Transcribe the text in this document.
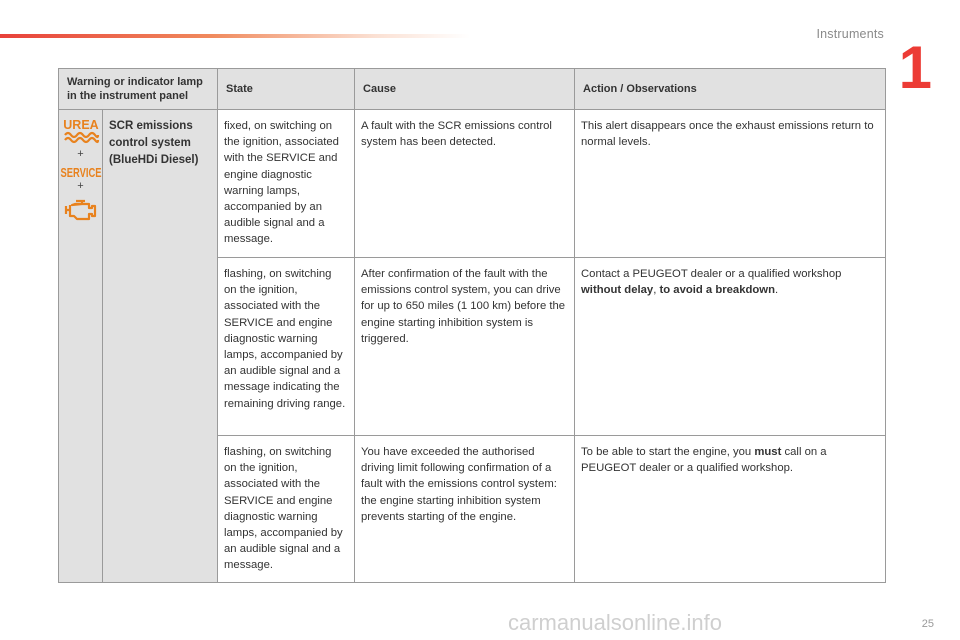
Instruments 1
Warning or indicator lamp in the instrument panel		State	Cause	Action / Observations

UREA
+
SERVICE
+	SCR emissions control system (BlueHDi Diesel)	fixed, on switching on the ignition, associated with the SERVICE and engine diagnostic warning lamps, accompanied by an audible signal and a message.	A fault with the SCR emissions control system has been detected.	This alert disappears once the exhaust emissions return to normal levels.
		flashing, on switching on the ignition, associated with the SERVICE and engine diagnostic warning lamps, accompanied by an audible signal and a message indicating the remaining driving range.	After confirmation of the fault with the emissions control system, you can drive for up to 650 miles (1 100 km) before the engine starting inhibition system is triggered.	Contact a PEUGEOT dealer or a qualified workshop without delay, to avoid a breakdown.
		flashing, on switching on the ignition, associated with the SERVICE and engine diagnostic warning lamps, accompanied by an audible signal and a message.	You have exceeded the authorised driving limit following confirmation of a fault with the emissions control system: the engine starting inhibition system prevents starting of the engine.	To be able to start the engine, you must call on a PEUGEOT dealer or a qualified workshop.
carmanualsonline.info	25
